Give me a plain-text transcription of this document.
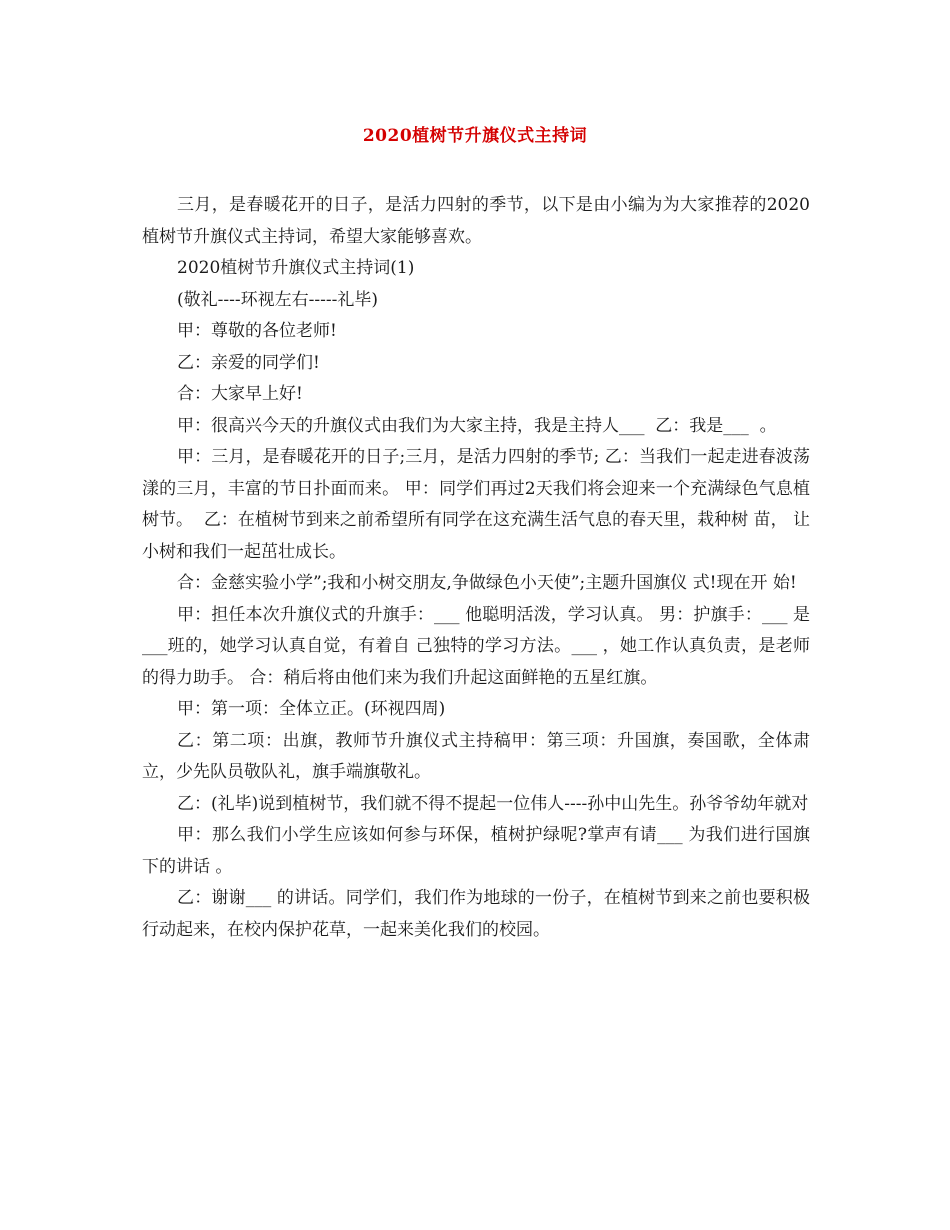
2020植树节升旗仪式主持词

三月，是春暖花开的日子，是活力四射的季节，以下是由小编为为大家推荐的2020植树节升旗仪式主持词，希望大家能够喜欢。

2020植树节升旗仪式主持词(1)

(敬礼----环视左右-----礼毕)

甲：尊敬的各位老师!

乙：亲爱的同学们!

合：大家早上好!

甲：很高兴今天的升旗仪式由我们为大家主持，我是主持人___  乙：我是___  。

甲：三月，是春暖花开的日子;三月，是活力四射的季节; 乙：当我们一起走进春波荡漾的三月，丰富的节日扑面而来。 甲：同学们再过2天我们将会迎来一个充满绿色气息植树节。  乙：在植树节到来之前希望所有同学在这充满生活气息的春天里，栽种树 苗， 让小树和我们一起茁壮成长。

合：金慈实验小学”;我和小树交朋友,争做绿色小天使”;主题升国旗仪 式!现在开 始!

甲：担任本次升旗仪式的升旗手：___ 他聪明活泼，学习认真。 男：护旗手：___ 是___班的，她学习认真自觉，有着自 己独特的学习方法。___ ，她工作认真负责，是老师的得力助手。 合：稍后将由他们来为我们升起这面鲜艳的五星红旗。

甲：第一项：全体立正。(环视四周)

乙：第二项：出旗，教师节升旗仪式主持稿甲：第三项：升国旗，奏国歌，全体肃立，少先队员敬队礼，旗手端旗敬礼。

乙：(礼毕)说到植树节，我们就不得不提起一位伟人----孙中山先生。孙爷爷幼年就对

甲：那么我们小学生应该如何参与环保，植树护绿呢?掌声有请___ 为我们进行国旗下的讲话 。

乙：谢谢___ 的讲话。同学们，我们作为地球的一份子，在植树节到来之前也要积极行动起来，在校内保护花草，一起来美化我们的校园。
